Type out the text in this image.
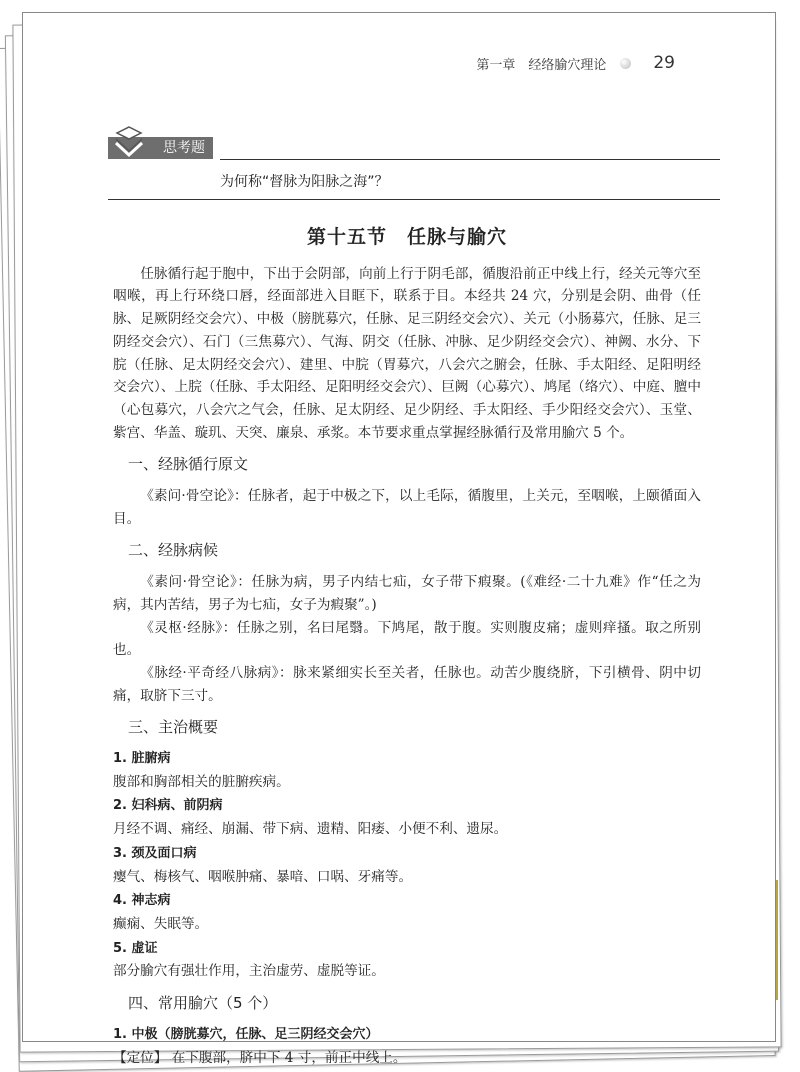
第一章　经络腧穴理论	29
思考题
为何称“督脉为阳脉之海”？
第十五节　任脉与腧穴

任脉循行起于胞中，下出于会阴部，向前上行于阴毛部，循腹沿前正中线上行，经关元等穴至咽喉，再上行环绕口唇，经面部进入目眶下，联系于目。本经共 24 穴，分别是会阴、曲骨（任脉、足厥阴经交会穴）、中极（膀胱募穴，任脉、足三阴经交会穴）、关元（小肠募穴，任脉、足三阴经交会穴）、石门（三焦募穴）、气海、阴交（任脉、冲脉、足少阴经交会穴）、神阙、水分、下脘（任脉、足太阴经交会穴）、建里、中脘（胃募穴，八会穴之腑会，任脉、手太阳经、足阳明经交会穴）、上脘（任脉、手太阳经、足阳明经交会穴）、巨阙（心募穴）、鸠尾（络穴）、中庭、膻中（心包募穴，八会穴之气会，任脉、足太阴经、足少阴经、手太阳经、手少阳经交会穴）、玉堂、紫宫、华盖、璇玑、天突、廉泉、承浆。本节要求重点掌握经脉循行及常用腧穴 5 个。

一、经脉循行原文

《素问·骨空论》：任脉者，起于中极之下，以上毛际，循腹里，上关元，至咽喉，上颐循面入目。

二、经脉病候

《素问·骨空论》：任脉为病，男子内结七疝，女子带下瘕聚。(《难经·二十九难》作“任之为病，其内苦结，男子为七疝，女子为瘕聚”。)

《灵枢·经脉》：任脉之别，名曰尾翳。下鸠尾，散于腹。实则腹皮痛；虚则痒搔。取之所别也。

《脉经·平奇经八脉病》：脉来紧细实长至关者，任脉也。动苦少腹绕脐，下引横骨、阴中切痛，取脐下三寸。

三、主治概要
1. 脏腑病
腹部和胸部相关的脏腑疾病。
2. 妇科病、前阴病
月经不调、痛经、崩漏、带下病、遗精、阳痿、小便不利、遗尿。
3. 颈及面口病
瘿气、梅核气、咽喉肿痛、暴喑、口㖞、牙痛等。
4. 神志病
癫痫、失眠等。
5. 虚证
部分腧穴有强壮作用，主治虚劳、虚脱等证。
四、常用腧穴（5 个）
1. 中极（膀胱募穴，任脉、足三阴经交会穴）
【定位】 在下腹部，脐中下 4 寸，前正中线上。
